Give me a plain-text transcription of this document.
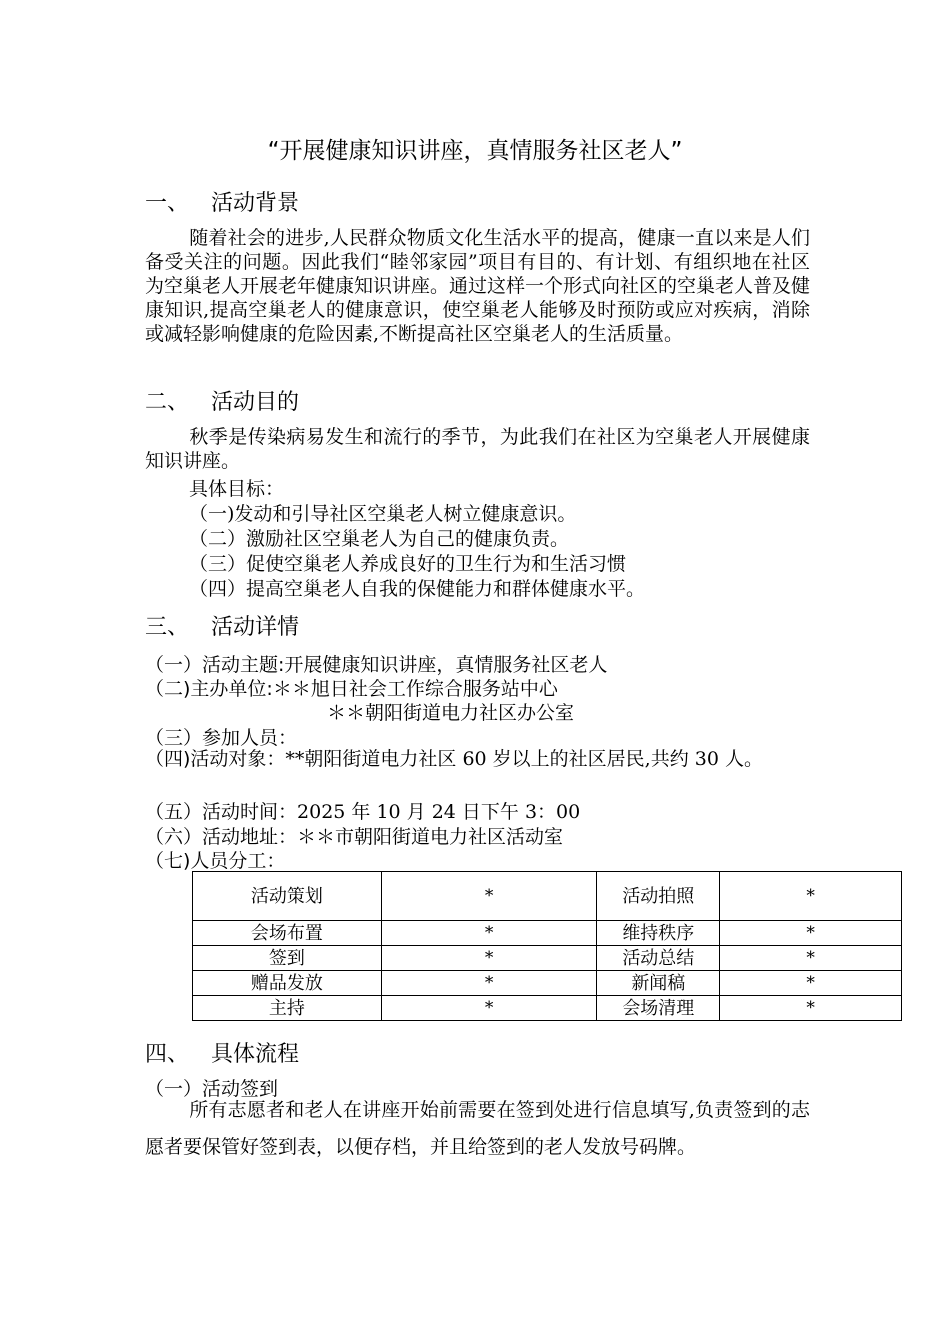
“开展健康知识讲座，真情服务社区老人”
一、 活动背景
随着社会的进步,人民群众物质文化生活水平的提高，健康一直以来是人们备受关注的问题。因此我们“睦邻家园”项目有目的、有计划、有组织地在社区为空巢老人开展老年健康知识讲座。通过这样一个形式向社区的空巢老人普及健康知识,提高空巢老人的健康意识，使空巢老人能够及时预防或应对疾病，消除或减轻影响健康的危险因素,不断提高社区空巢老人的生活质量。
二、 活动目的
秋季是传染病易发生和流行的季节，为此我们在社区为空巢老人开展健康知识讲座。
具体目标：
（一)发动和引导社区空巢老人树立健康意识。
（二）激励社区空巢老人为自己的健康负责。
（三）促使空巢老人养成良好的卫生行为和生活习惯
（四）提高空巢老人自我的保健能力和群体健康水平。
三、 活动详情
（一）活动主题:开展健康知识讲座，真情服务社区老人
（二)主办单位:＊＊旭日社会工作综合服务站中心
＊＊朝阳街道电力社区办公室
（三）参加人员：
（四)活动对象：**朝阳街道电力社区 60 岁以上的社区居民,共约 30 人。
（五）活动时间：2025 年 10 月 24 日下午 3：00
（六）活动地址：＊＊市朝阳街道电力社区活动室
（七)人员分工：
活动策划	*	活动拍照	*
会场布置	*	维持秩序	*
签到	*	活动总结	*
赠品发放	*	新闻稿	*
主持	*	会场清理	*
四、 具体流程
（一）活动签到
所有志愿者和老人在讲座开始前需要在签到处进行信息填写,负责签到的志愿者要保管好签到表，以便存档，并且给签到的老人发放号码牌。
